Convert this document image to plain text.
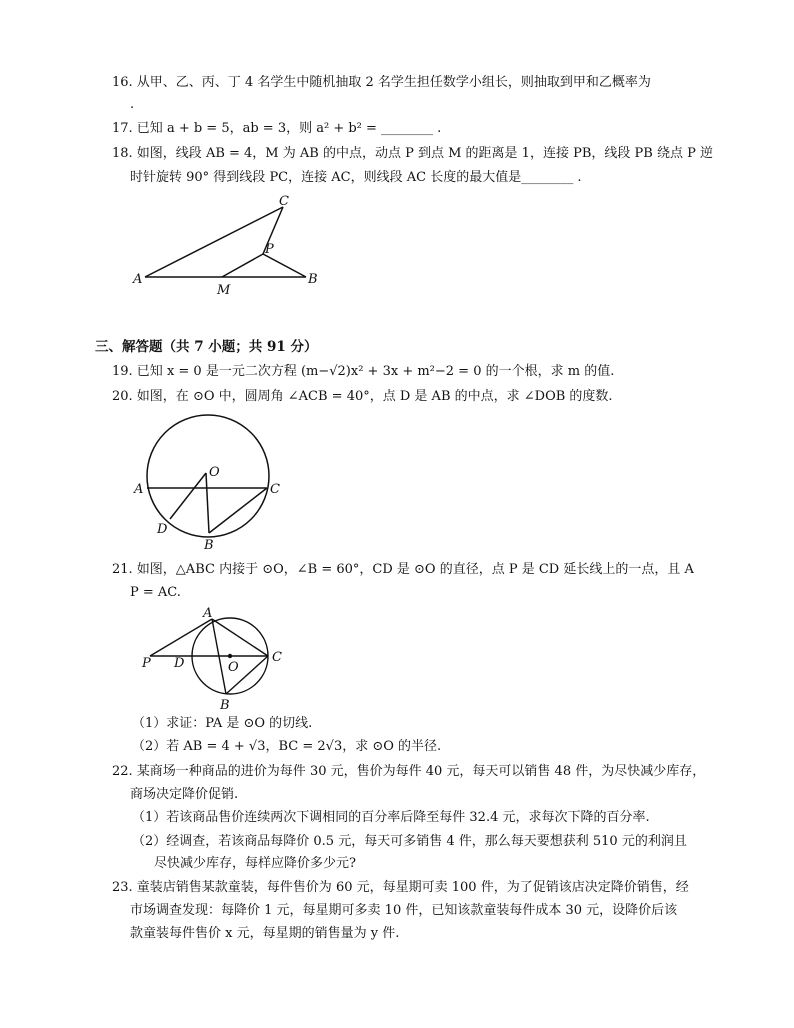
16. 从甲、乙、丙、丁 4 名学生中随机抽取 2 名学生担任数学小组长，则抽取到甲和乙概率为
.
17. 已知 a + b = 5，ab = 3，则 a² + b² = ________ .
18. 如图，线段 AB = 4，M 为 AB 的中点，动点 P 到点 M 的距离是 1，连接 PB，线段 PB 绕点 P 逆
时针旋转 90° 得到线段 PC，连接 AC，则线段 AC 长度的最大值是________ .
A	B
C
P
M
三、解答题（共 7 小题；共 91 分）
19. 已知 x = 0 是一元二次方程 (m−√2)x² + 3x + m²−2 = 0 的一个根，求 m 的值.
20. 如图，在 ⊙O 中，圆周角 ∠ACB = 40°，点 D 是 AB 的中点，求 ∠DOB 的度数.
A	C
O
D
B
21. 如图，△ABC 内接于 ⊙O，∠B = 60°，CD 是 ⊙O 的直径，点 P 是 CD 延长线上的一点，且 A
P = AC.
A
P D	O
C
B
（1）求证：PA 是 ⊙O 的切线.
（2）若 AB = 4 + √3，BC = 2√3，求 ⊙O 的半径.
22. 某商场一种商品的进价为每件 30 元，售价为每件 40 元，每天可以销售 48 件，为尽快减少库存，
商场决定降价促销.
（1）若该商品售价连续两次下调相同的百分率后降至每件 32.4 元，求每次下降的百分率.
（2）经调查，若该商品每降价 0.5 元，每天可多销售 4 件，那么每天要想获利 510 元的利润且
尽快减少库存，每样应降价多少元?
23. 童装店销售某款童装，每件售价为 60 元，每星期可卖 100 件，为了促销该店决定降价销售，经
市场调查发现：每降价 1 元，每星期可多卖 10 件，已知该款童装每件成本 30 元，设降价后该
款童装每件售价 x 元，每星期的销售量为 y 件.
